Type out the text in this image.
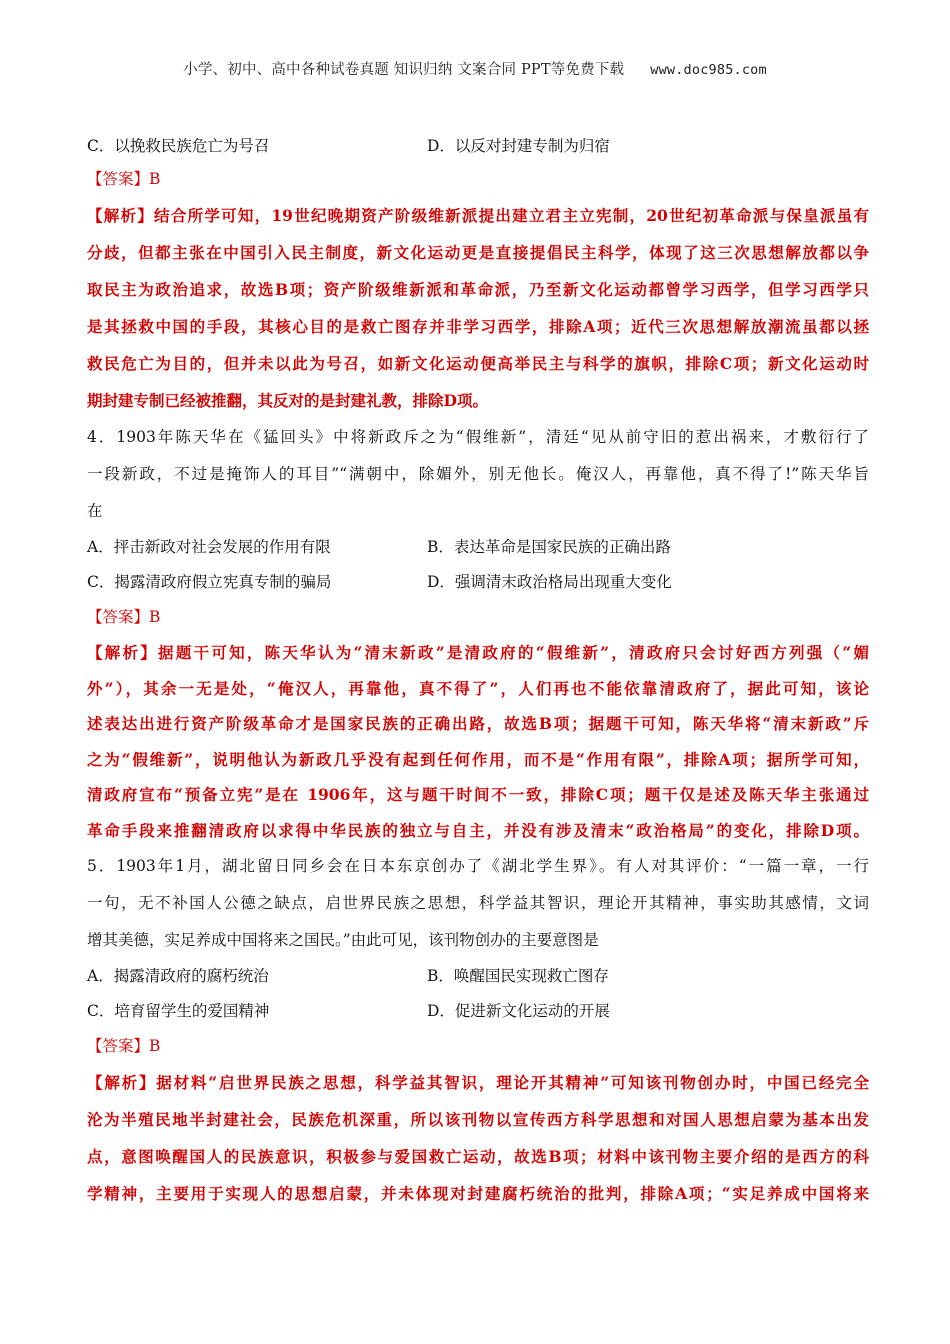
小学、初中、高中各种试卷真题 知识归纳 文案合同 PPT等免费下载 www.doc985.com
C．以挽救民族危亡为号召	D．以反对封建专制为归宿
【答案】B
【解析】结合所学可知，19世纪晚期资产阶级维新派提出建立君主立宪制，20世纪初革命派与保皇派虽有
分歧，但都主张在中国引入民主制度，新文化运动更是直接提倡民主科学，体现了这三次思想解放都以争
取民主为政治追求，故选B项；资产阶级维新派和革命派，乃至新文化运动都曾学习西学，但学习西学只
是其拯救中国的手段，其核心目的是救亡图存并非学习西学，排除A项；近代三次思想解放潮流虽都以拯
救民危亡为目的，但并未以此为号召，如新文化运动便高举民主与科学的旗帜，排除C项；新文化运动时
期封建专制已经被推翻，其反对的是封建礼教，排除D项。
4．1903年陈天华在《猛回头》中将新政斥之为“假维新”，清廷“见从前守旧的惹出祸来，才敷衍行了
一段新政，不过是掩饰人的耳目”“满朝中，除媚外，别无他长。俺汉人，再靠他，真不得了!”陈天华旨
在
A．抨击新政对社会发展的作用有限	B．表达革命是国家民族的正确出路
C．揭露清政府假立宪真专制的骗局	D．强调清末政治格局出现重大变化
【答案】B
【解析】据题干可知，陈天华认为“清末新政”是清政府的“假维新”，清政府只会讨好西方列强（“媚
外”），其余一无是处，“俺汉人，再靠他，真不得了”，人们再也不能依靠清政府了，据此可知，该论
述表达出进行资产阶级革命才是国家民族的正确出路，故选B项；据题干可知，陈天华将“清末新政”斥
之为“假维新”，说明他认为新政几乎没有起到任何作用，而不是“作用有限”，排除A项；据所学可知，
清政府宣布“预备立宪”是在 1906年，这与题干时间不一致，排除C项；题干仅是述及陈天华主张通过
革命手段来推翻清政府以求得中华民族的独立与自主，并没有涉及清末“政治格局”的变化，排除D项。
5．1903年1月，湖北留日同乡会在日本东京创办了《湖北学生界》。有人对其评价：“一篇一章，一行
一句，无不补国人公德之缺点，启世界民族之思想，科学益其智识，理论开其精神，事实助其感情，文词
增其美德，实足养成中国将来之国民。”由此可见，该刊物创办的主要意图是
A．揭露清政府的腐朽统治	B．唤醒国民实现救亡图存
C．培育留学生的爱国精神	D．促进新文化运动的开展
【答案】B
【解析】据材料“启世界民族之思想，科学益其智识，理论开其精神”可知该刊物创办时，中国已经完全
沦为半殖民地半封建社会，民族危机深重，所以该刊物以宣传西方科学思想和对国人思想启蒙为基本出发
点，意图唤醒国人的民族意识，积极参与爱国救亡运动，故选B项；材料中该刊物主要介绍的是西方的科
学精神，主要用于实现人的思想启蒙，并未体现对封建腐朽统治的批判，排除A项；“实足养成中国将来
